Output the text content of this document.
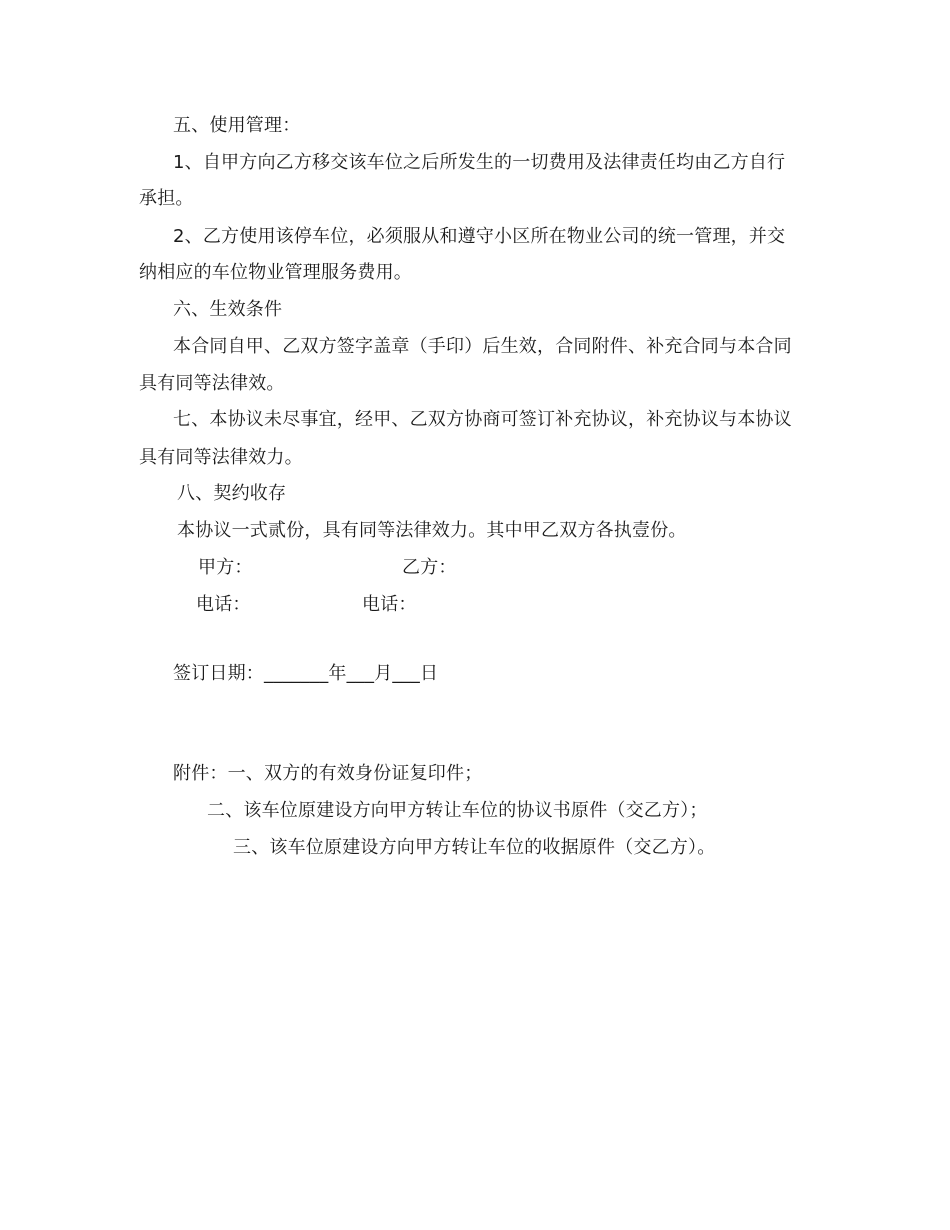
五、使用管理：
1、自甲方向乙方移交该车位之后所发生的一切费用及法律责任均由乙方自行
承担。
2、乙方使用该停车位，必须服从和遵守小区所在物业公司的统一管理，并交
纳相应的车位物业管理服务费用。
六、生效条件
本合同自甲、乙双方签字盖章（手印）后生效，合同附件、补充合同与本合同
具有同等法律效。
七、本协议未尽事宜，经甲、乙双方协商可签订补充协议，补充协议与本协议
具有同等法律效力。
八、契约收存
本协议一式贰份，具有同等法律效力。其中甲乙双方各执壹份。
甲方：	乙方：
电话：	电话：
签订日期：_______年___月___日
附件：一、双方的有效身份证复印件；
二、该车位原建设方向甲方转让车位的协议书原件（交乙方）；
三、该车位原建设方向甲方转让车位的收据原件（交乙方）。
